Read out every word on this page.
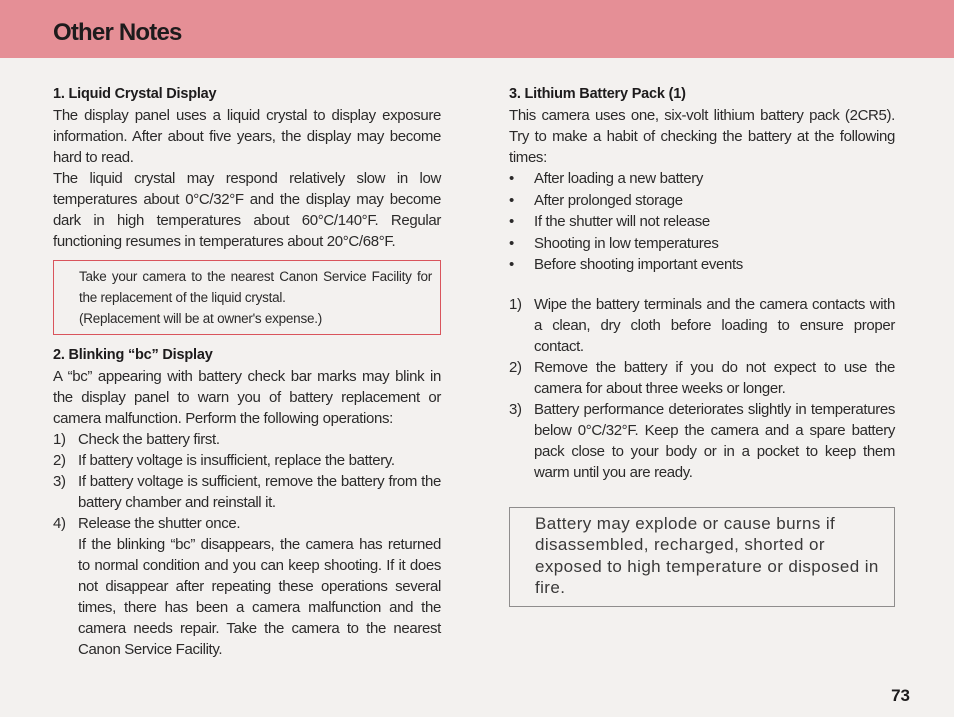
Other Notes
1. Liquid Crystal Display

The display panel uses a liquid crystal to display exposure information. After about five years, the display may become hard to read.

The liquid crystal may respond relatively slow in low temperatures about 0°C/32°F and the display may become dark in high temperatures about 60°C/140°F. Regular functioning resumes in temperatures about 20°C/68°F.

Take your camera to the nearest Canon Service Facility for the replacement of the liquid crystal.
(Replacement will be at owner's expense.)
2. Blinking “bc” Display

A “bc” appearing with battery check bar marks may blink in the display panel to warn you of battery replacement or camera malfunction. Perform the following operations:

1) Check the battery first.
2) If battery voltage is insufficient, replace the battery.
3) If battery voltage is sufficient, remove the battery from the battery chamber and reinstall it.
4) Release the shutter once.
If the blinking “bc” disappears, the camera has returned to normal condition and you can keep shooting. If it does not disappear after repeating these operations several times, there has been a camera malfunction and the camera needs repair. Take the camera to the nearest Canon Service Facility.
3. Lithium Battery Pack (1)

This camera uses one, six-volt lithium battery pack (2CR5). Try to make a habit of checking the battery at the following times:

• After loading a new battery
• After prolonged storage
• If the shutter will not release
• Shooting in low temperatures
• Before shooting important events
1) Wipe the battery terminals and the camera contacts with a clean, dry cloth before loading to ensure proper contact.
2) Remove the battery if you do not expect to use the camera for about three weeks or longer.
3) Battery performance deteriorates slightly in temperatures below 0°C/32°F. Keep the camera and a spare battery pack close to your body or in a pocket to keep them warm until you are ready.
Battery may explode or cause burns if disassembled, recharged, shorted or exposed to high temperature or disposed in fire.
73
